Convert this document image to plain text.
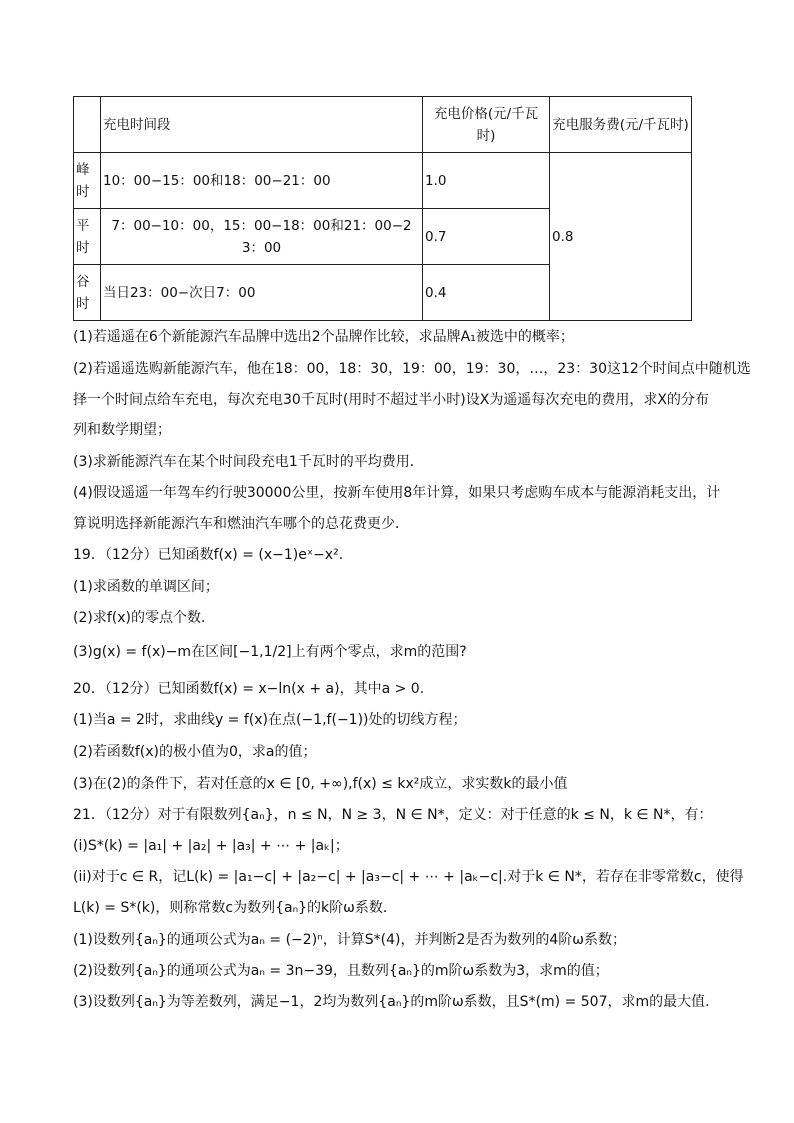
	充电时间段	充电价格(元/千瓦时)	充电服务费(元/千瓦时)
峰时	10：00−15：00和18：00−21：00	1.0	0.8
平时	7：00−10：00，15：00−18：00和21：00−23：00	0.7	
谷时	当日23：00−次日7：00	0.4	
(1)若遥遥在6个新能源汽车品牌中选出2个品牌作比较，求品牌A₁被选中的概率；
(2)若遥遥选购新能源汽车，他在18：00，18：30，19：00，19：30，…，23：30这12个时间点中随机选
择一个时间点给车充电，每次充电30千瓦时(用时不超过半小时)设X为遥遥每次充电的费用，求X的分布
列和数学期望；
(3)求新能源汽车在某个时间段充电1千瓦时的平均费用．
(4)假设遥遥一年驾车约行驶30000公里，按新车使用8年计算，如果只考虑购车成本与能源消耗支出，计
算说明选择新能源汽车和燃油汽车哪个的总花费更少．
19．（12分）已知函数f(x) = (x−1)eˣ−x².
(1)求函数的单调区间；
(2)求f(x)的零点个数．
(3)g(x) = f(x)−m在区间[−1,1/2]上有两个零点，求m的范围?
20．（12分）已知函数f(x) = x−ln(x + a)，其中a > 0.
(1)当a = 2时，求曲线y = f(x)在点(−1,f(−1))处的切线方程；
(2)若函数f(x)的极小值为0，求a的值；
(3)在(2)的条件下，若对任意的x ∈ [0, +∞),f(x) ≤ kx²成立，求实数k的最小值
21．（12分）对于有限数列{aₙ}，n ≤ N，N ≥ 3，N ∈ N*，定义：对于任意的k ≤ N，k ∈ N*，有：
(i)S*(k) = |a₁| + |a₂| + |a₃| + ⋯ + |aₖ|；
(ii)对于c ∈ R，记L(k) = |a₁−c| + |a₂−c| + |a₃−c| + ⋯ + |aₖ−c|.对于k ∈ N*，若存在非零常数c，使得
L(k) = S*(k)，则称常数c为数列{aₙ}的k阶ω系数．
(1)设数列{aₙ}的通项公式为aₙ = (−2)ⁿ，计算S*(4)，并判断2是否为数列的4阶ω系数；
(2)设数列{aₙ}的通项公式为aₙ = 3n−39，且数列{aₙ}的m阶ω系数为3，求m的值；
(3)设数列{aₙ}为等差数列，满足−1，2均为数列{aₙ}的m阶ω系数，且S*(m) = 507，求m的最大值．
